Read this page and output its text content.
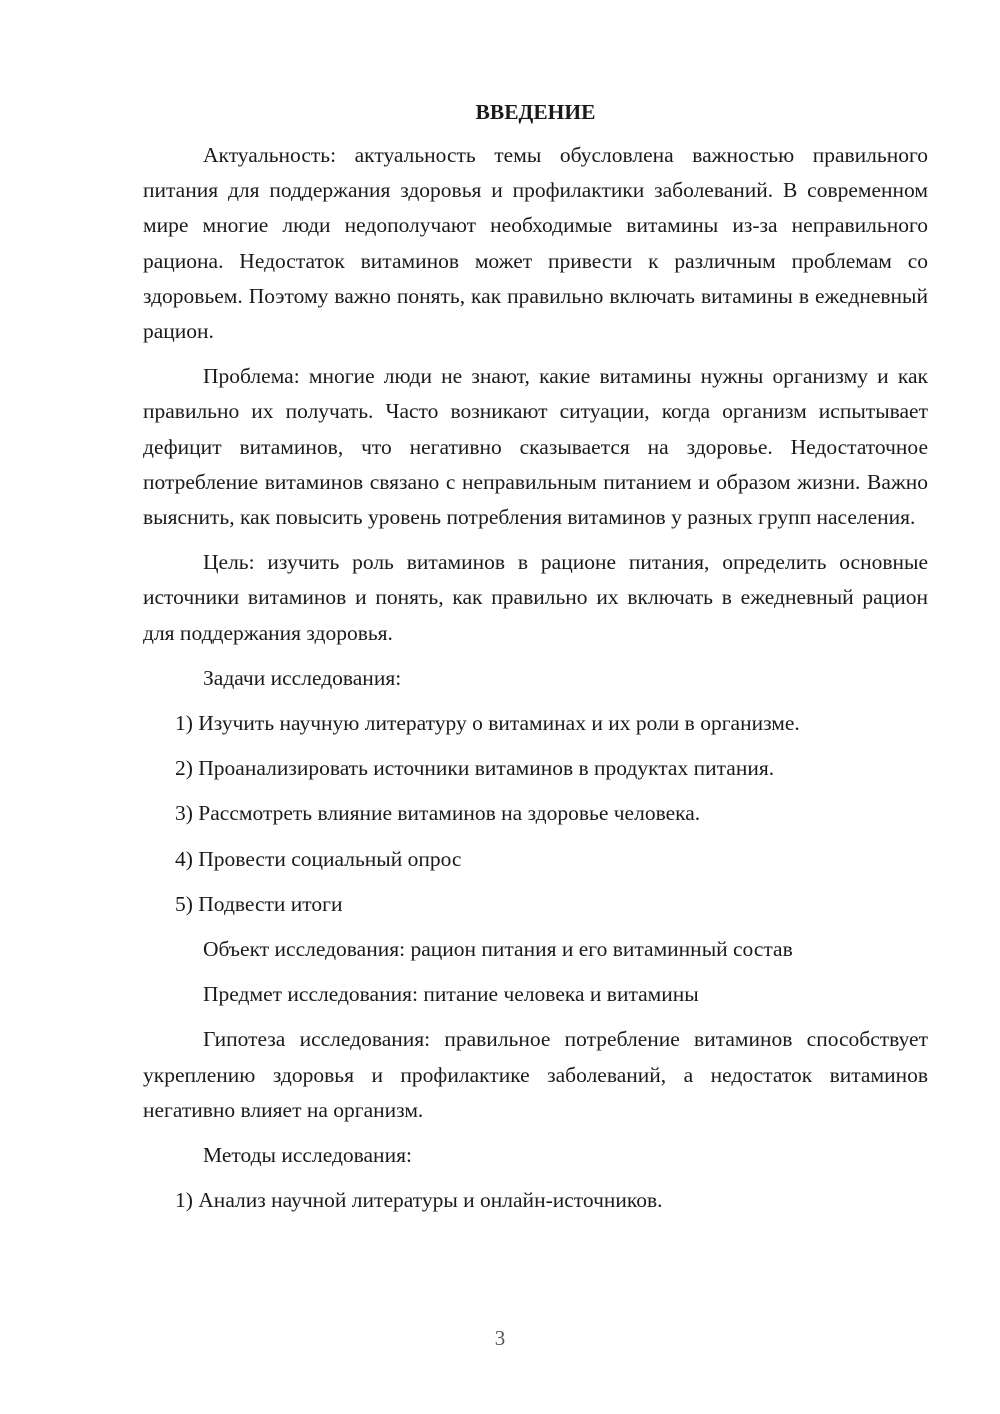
ВВЕДЕНИЕ

Актуальность: актуальность темы обусловлена важностью правильного питания для поддержания здоровья и профилактики заболеваний. В современном мире многие люди недополучают необходимые витамины из-за неправильного рациона. Недостаток витаминов может привести к различным проблемам со здоровьем. Поэтому важно понять, как правильно включать витамины в ежедневный рацион.

Проблема: многие люди не знают, какие витамины нужны организму и как правильно их получать. Часто возникают ситуации, когда организм испытывает дефицит витаминов, что негативно сказывается на здоровье. Недостаточное потребление витаминов связано с неправильным питанием и образом жизни. Важно выяснить, как повысить уровень потребления витаминов у разных групп населения.

Цель: изучить роль витаминов в рационе питания, определить основные источники витаминов и понять, как правильно их включать в ежедневный рацион для поддержания здоровья.

Задачи исследования:

1) Изучить научную литературу о витаминах и их роли в организме.

2) Проанализировать источники витаминов в продуктах питания.

3) Рассмотреть влияние витаминов на здоровье человека.

4) Провести социальный опрос

5) Подвести итоги

Объект исследования: рацион питания и его витаминный состав

Предмет исследования: питание человека и витамины

Гипотеза исследования: правильное потребление витаминов способствует укреплению здоровья и профилактике заболеваний, а недостаток витаминов негативно влияет на организм.

Методы исследования:

1) Анализ научной литературы и онлайн-источников.

3
